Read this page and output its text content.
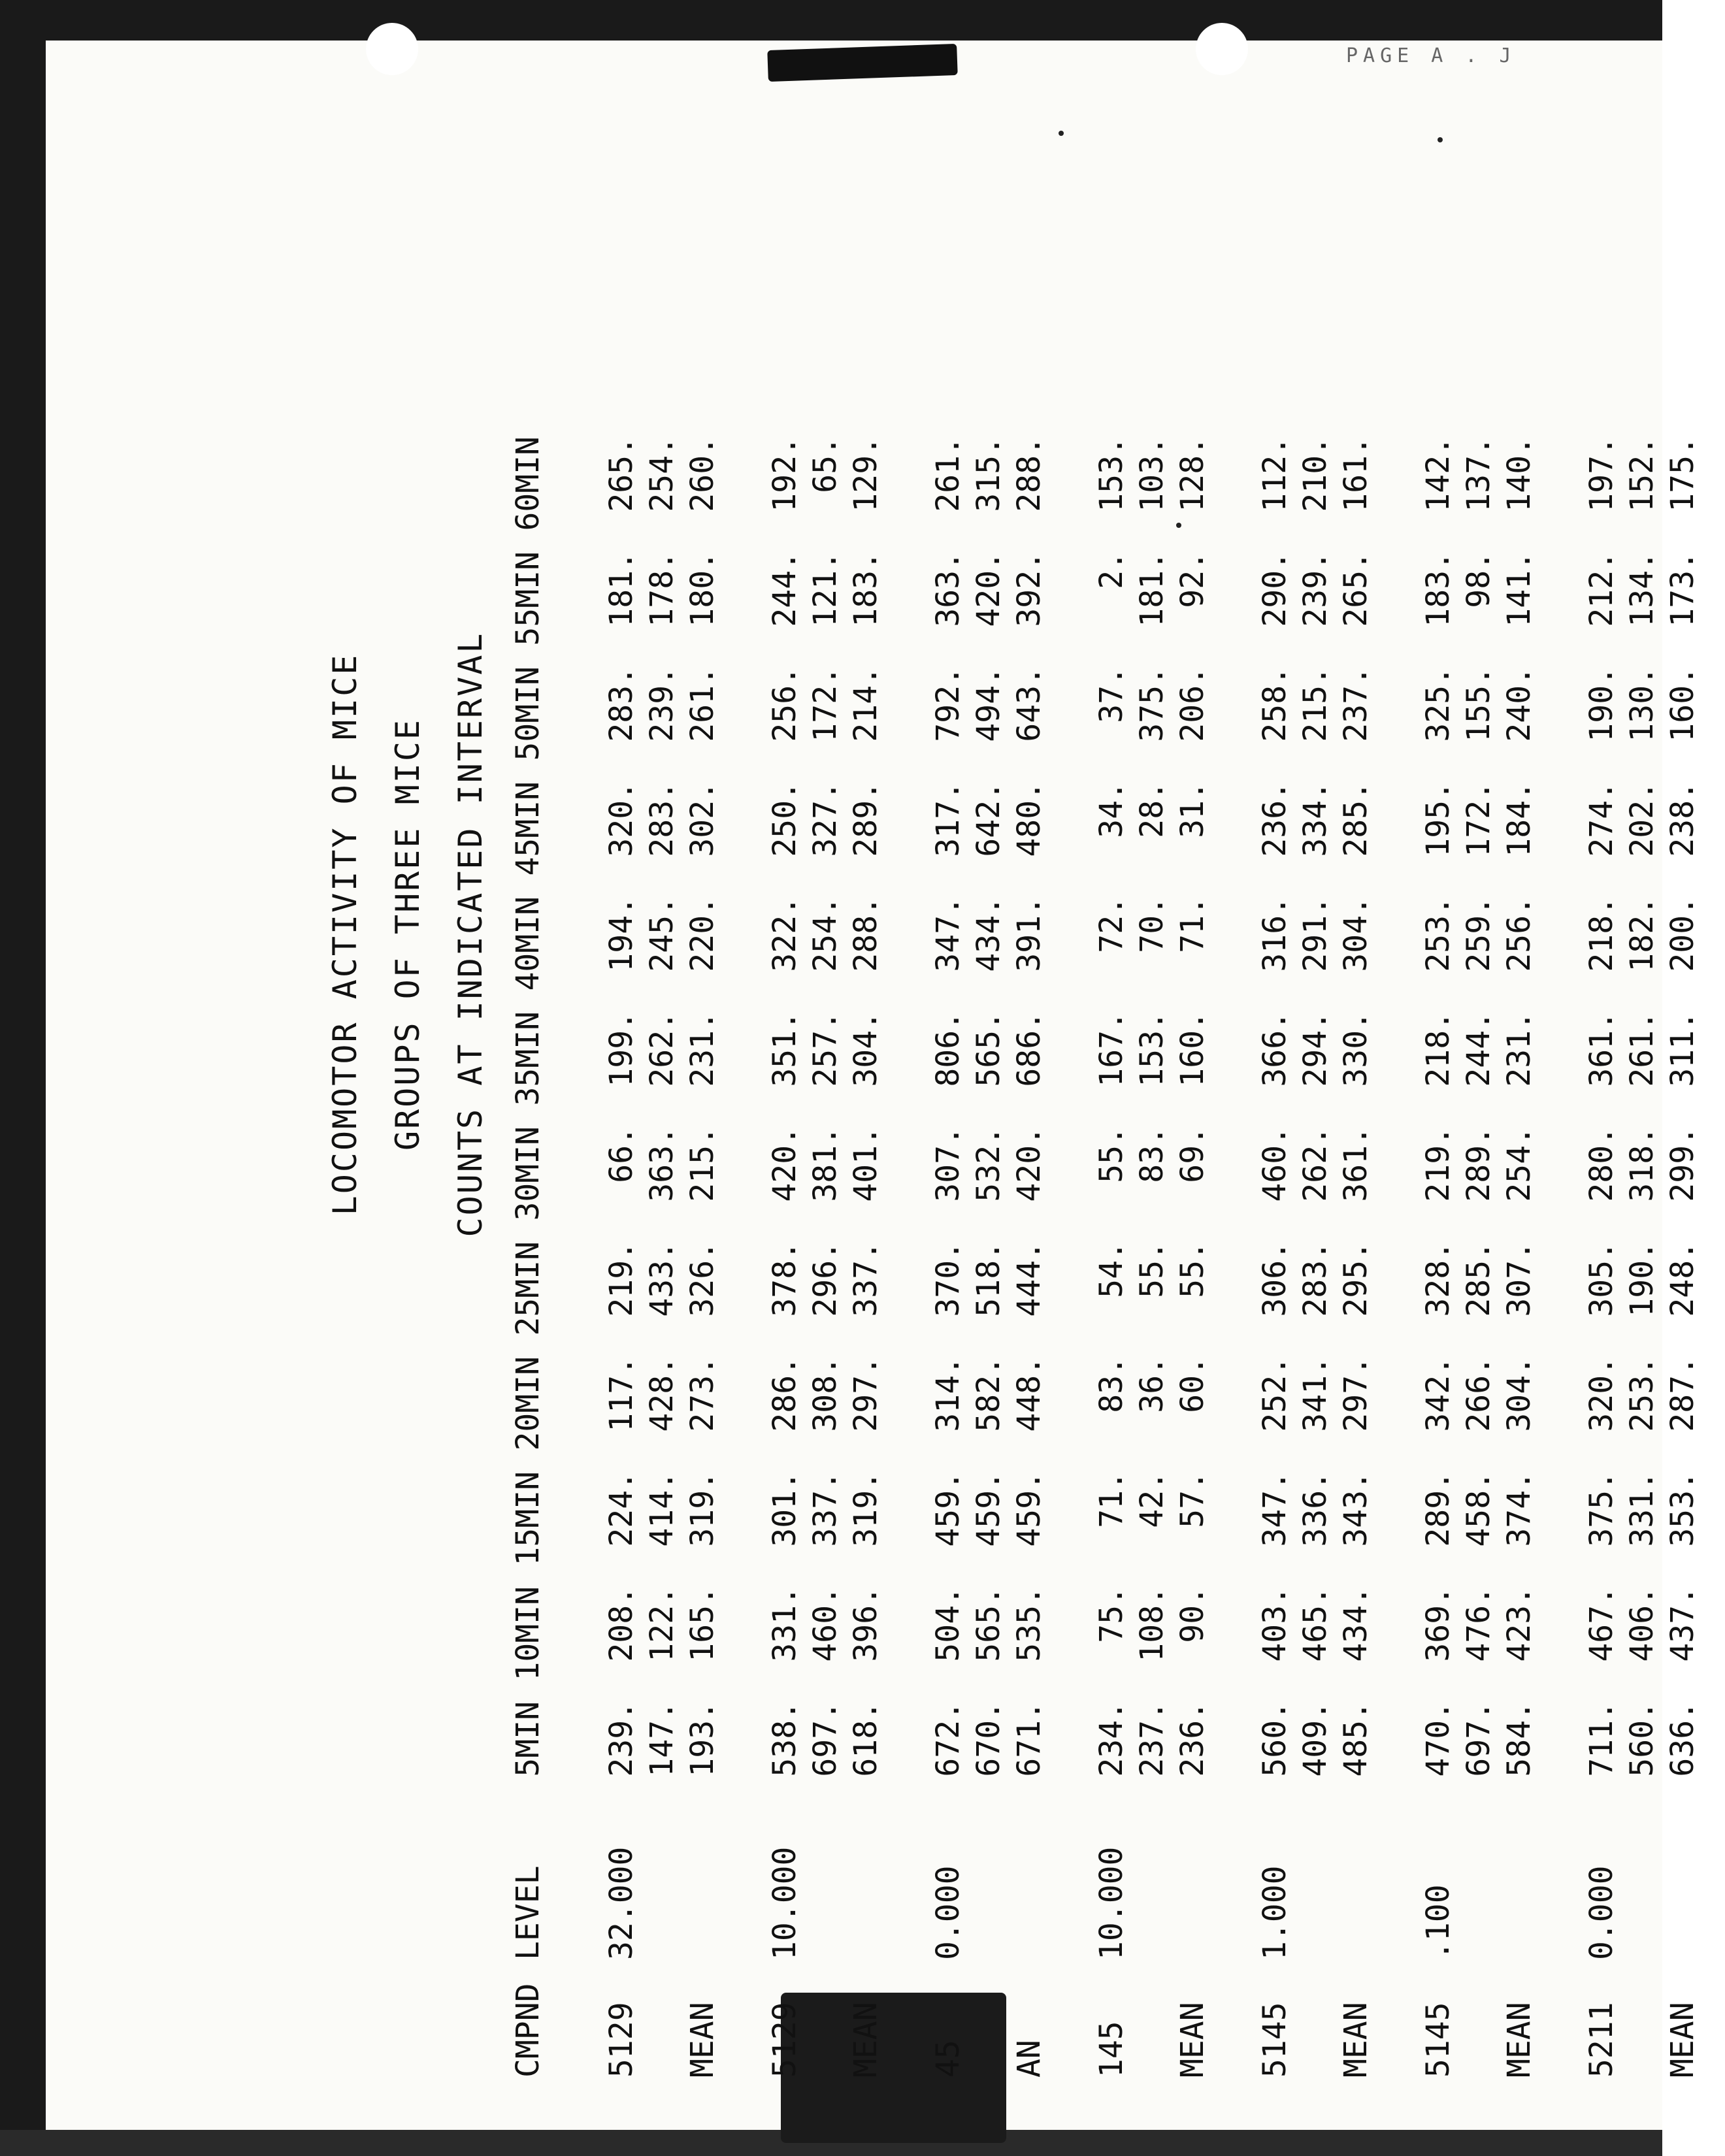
PAGE A . J
LOCOMOTOR ACTIVITY OF MICE GROUPS OF THREE MICE COUNTS AT INDICATED INTERVAL
CMPND
LEVEL
5MIN
10MIN
15MIN
20MIN
25MIN
30MIN
35MIN
40MIN
45MIN
50MIN
55MIN
60MIN
5129
32.000
239.
208.
224.
117.
219.
66.
199.
194.
320.
283.
181.
265.
147.
122.
414.
428.
433.
363.
262.
245.
283.
239.
178.
254.
MEAN
193.
165.
319.
273.
326.
215.
231.
220.
302.
261.
180.
260.
5129
10.000
538.
331.
301.
286.
378.
420.
351.
322.
250.
256.
244.
192.
697.
460.
337.
308.
296.
381.
257.
254.
327.
172.
121.
65.
MEAN
618.
396.
319.
297.
337.
401.
304.
288.
289.
214.
183.
129.
45
0.000
672.
504.
459.
314.
370.
307.
806.
347.
317.
792.
363.
261.
670.
565.
459.
582.
518.
532.
565.
434.
642.
494.
420.
315.
AN
671.
535.
459.
448.
444.
420.
686.
391.
480.
643.
392.
288.
145
10.000
234.
75.
71.
83.
54.
55.
167.
72.
34.
37.
2.
153.
237.
108.
42.
36.
55.
83.
153.
70.
28.
375.
181.
103.
MEAN
236.
90.
57.
60.
55.
69.
160.
71.
31.
206.
92.
128.
5145
1.000
560.
403.
347.
252.
306.
460.
366.
316.
236.
258.
290.
112.
409.
465.
336.
341.
283.
262.
294.
291.
334.
215.
239.
210.
MEAN
485.
434.
343.
297.
295.
361.
330.
304.
285.
237.
265.
161.
5145
.100
470.
369.
289.
342.
328.
219.
218.
253.
195.
325.
183.
142.
697.
476.
458.
266.
285.
289.
244.
259.
172.
155.
98.
137.
MEAN
584.
423.
374.
304.
307.
254.
231.
256.
184.
240.
141.
140.
5211
0.000
711.
467.
375.
320.
305.
280.
361.
218.
274.
190.
212.
197.
560.
406.
331.
253.
190.
318.
261.
182.
202.
130.
134.
152.
MEAN
636.
437.
353.
287.
248.
299.
311.
200.
238.
160.
173.
175.
